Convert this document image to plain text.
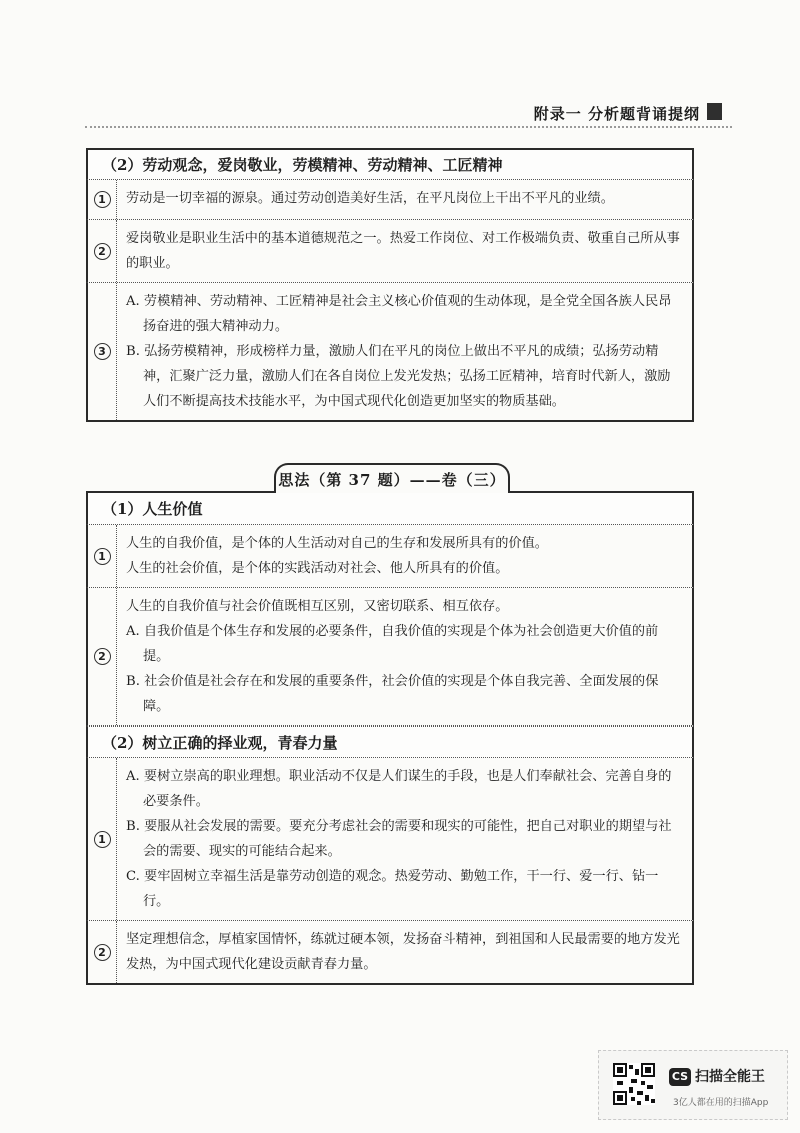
附录一 分析题背诵提纲
（2）劳动观念，爱岗敬业，劳模精神、劳动精神、工匠精神
1	劳动是一切幸福的源泉。通过劳动创造美好生活，在平凡岗位上干出不平凡的业绩。

2

爱岗敬业是职业生活中的基本道德规范之一。热爱工作岗位、对工作极端负责、敬重自己所从事的职业。

3

A. 劳模精神、劳动精神、工匠精神是社会主义核心价值观的生动体现，是全党全国各族人民昂扬奋进的强大精神动力。

B. 弘扬劳模精神，形成榜样力量，激励人们在平凡的岗位上做出不平凡的成绩；弘扬劳动精神，汇聚广泛力量，激励人们在各自岗位上发光发热；弘扬工匠精神，培育时代新人，激励人们不断提高技术技能水平，为中国式现代化创造更加坚实的物质基础。

思法（第 37 题）——卷（三）
（1）人生价值
1

人生的自我价值，是个体的人生活动对自己的生存和发展所具有的价值。

人生的社会价值，是个体的实践活动对社会、他人所具有的价值。

2

人生的自我价值与社会价值既相互区别，又密切联系、相互依存。

A. 自我价值是个体生存和发展的必要条件，自我价值的实现是个体为社会创造更大价值的前提。

B. 社会价值是社会存在和发展的重要条件，社会价值的实现是个体自我完善、全面发展的保障。

（2）树立正确的择业观，青春力量
1

A. 要树立崇高的职业理想。职业活动不仅是人们谋生的手段，也是人们奉献社会、完善自身的必要条件。

B. 要服从社会发展的需要。要充分考虑社会的需要和现实的可能性，把自己对职业的期望与社会的需要、现实的可能结合起来。

C. 要牢固树立幸福生活是靠劳动创造的观念。热爱劳动、勤勉工作，干一行、爱一行、钻一行。

2

坚定理想信念，厚植家国情怀，练就过硬本领，发扬奋斗精神，到祖国和人民最需要的地方发光发热，为中国式现代化建设贡献青春力量。

CS 扫描全能王
3亿人都在用的扫描App
